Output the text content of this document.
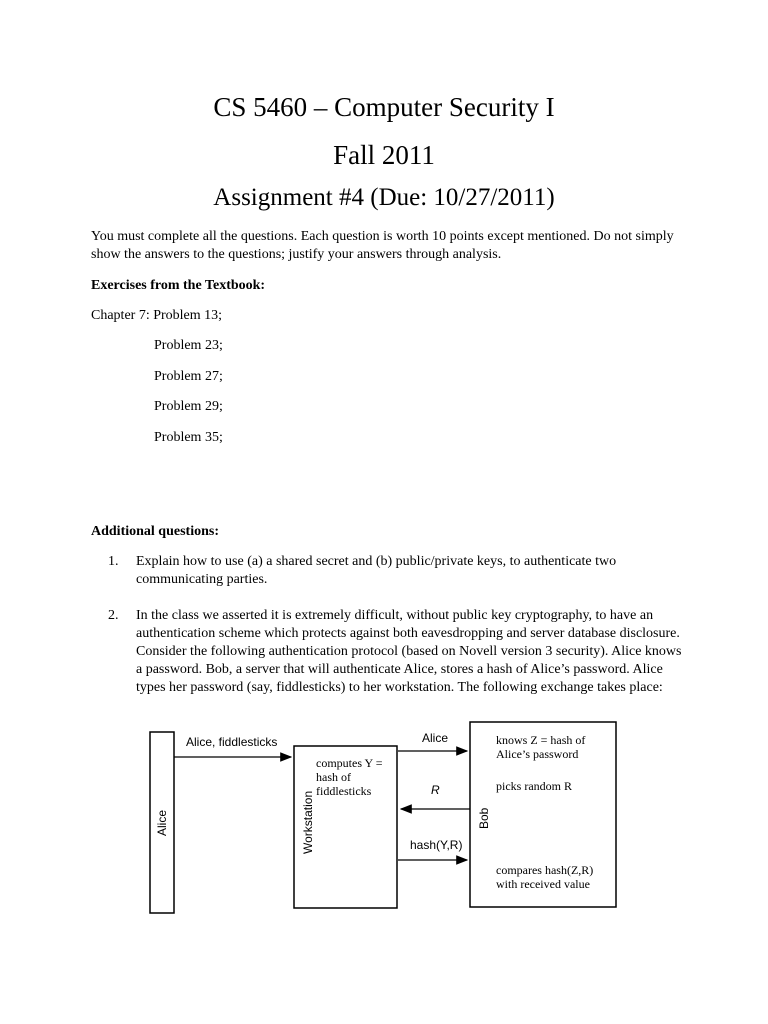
CS 5460 – Computer Security I
Fall 2011
Assignment #4 (Due: 10/27/2011)
You must complete all the questions. Each question is worth 10 points except mentioned. Do not simply show the answers to the questions; justify your answers through analysis.
Exercises from the Textbook:
Chapter 7: Problem 13;
Problem 23;
Problem 27;
Problem 29;
Problem 35;
Additional questions:
1. Explain how to use (a) a shared secret and (b) public/private keys, to authenticate two communicating parties.
2. In the class we asserted it is extremely difficult, without public key cryptography, to have an authentication scheme which protects against both eavesdropping and server database disclosure. Consider the following authentication protocol (based on Novell version 3 security). Alice knows a password. Bob, a server that will authenticate Alice, stores a hash of Alice’s password. Alice types her password (say, fiddlesticks) to her workstation. The following exchange takes place:
Alice	Workstation
computes Y =
hash of
fiddlesticks
Bob
knows Z = hash of
Alice’s password
picks random R
compares hash(Z,R)
with received value
Alice, fiddlesticks	Alice
R
hash(Y,R)
